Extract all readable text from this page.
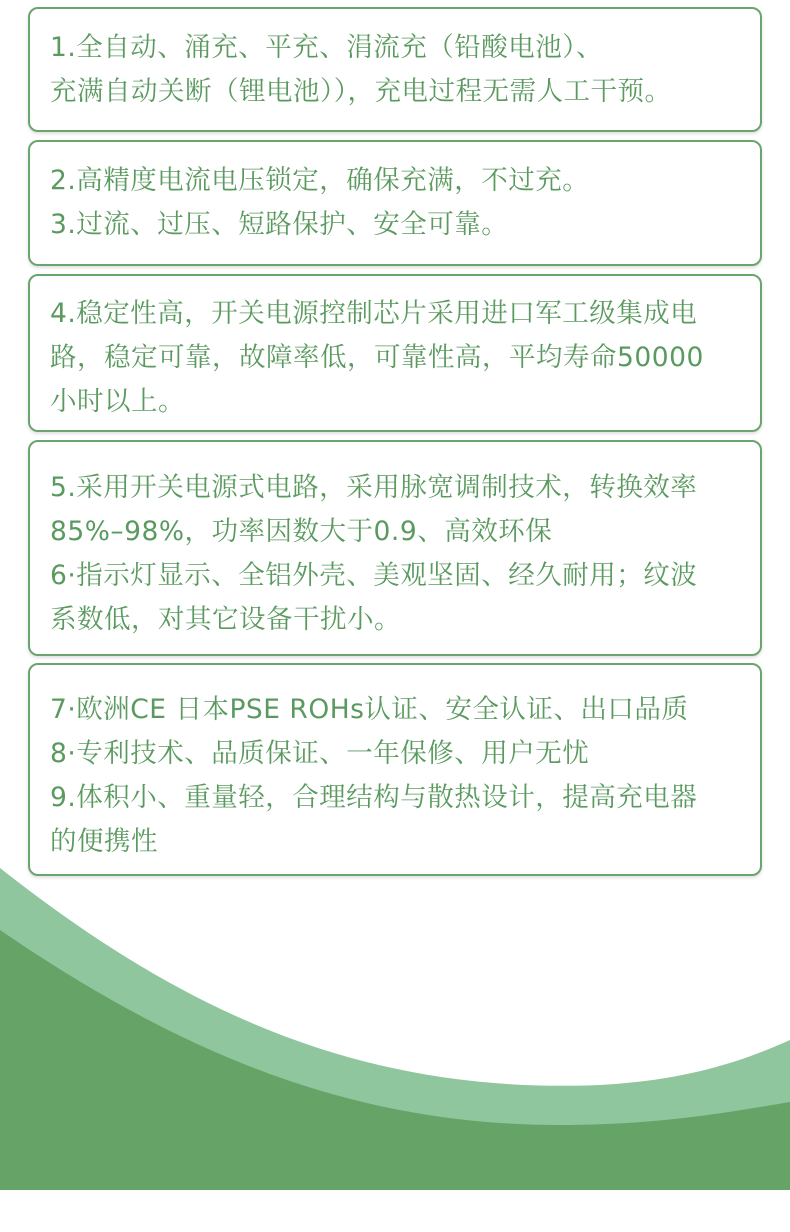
1.全自动、涌充、平充、涓流充（铅酸电池）、
充满自动关断（锂电池）），充电过程无需人工干预。
2.高精度电流电压锁定，确保充满，不过充。
3.过流、过压、短路保护、安全可靠。
4.稳定性高，开关电源控制芯片采用进口军工级集成电
路，稳定可靠，故障率低，可靠性高，平均寿命50000
小时以上。
5.采用开关电源式电路，采用脉宽调制技术，转换效率
85%–98%，功率因数大于0.9、高效环保
6·指示灯显示、全铝外壳、美观坚固、经久耐用；纹波
系数低，对其它设备干扰小。
7·欧洲CE 日本PSE ROHs认证、安全认证、出口品质
8·专利技术、品质保证、一年保修、用户无忧
9.体积小、重量轻，合理结构与散热设计，提高充电器
的便携性
